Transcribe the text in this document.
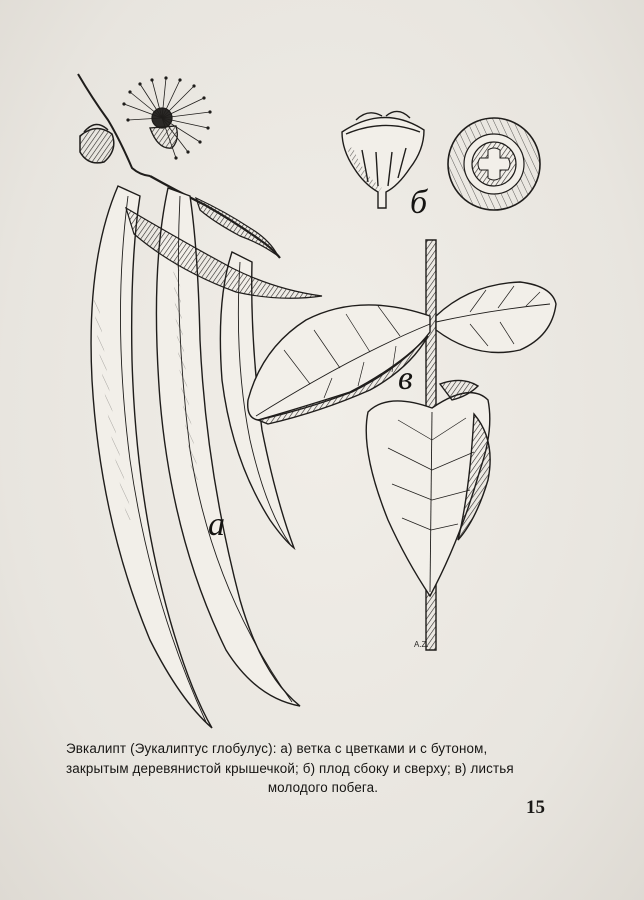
а
б
в
А.Z.
Эвкалипт (Эукалиптус глобулус): а) ветка с цветками и с бутоном,
закрытым деревянистой крышечкой; б) плод сбоку и сверху; в) листья
молодого побега.
15
